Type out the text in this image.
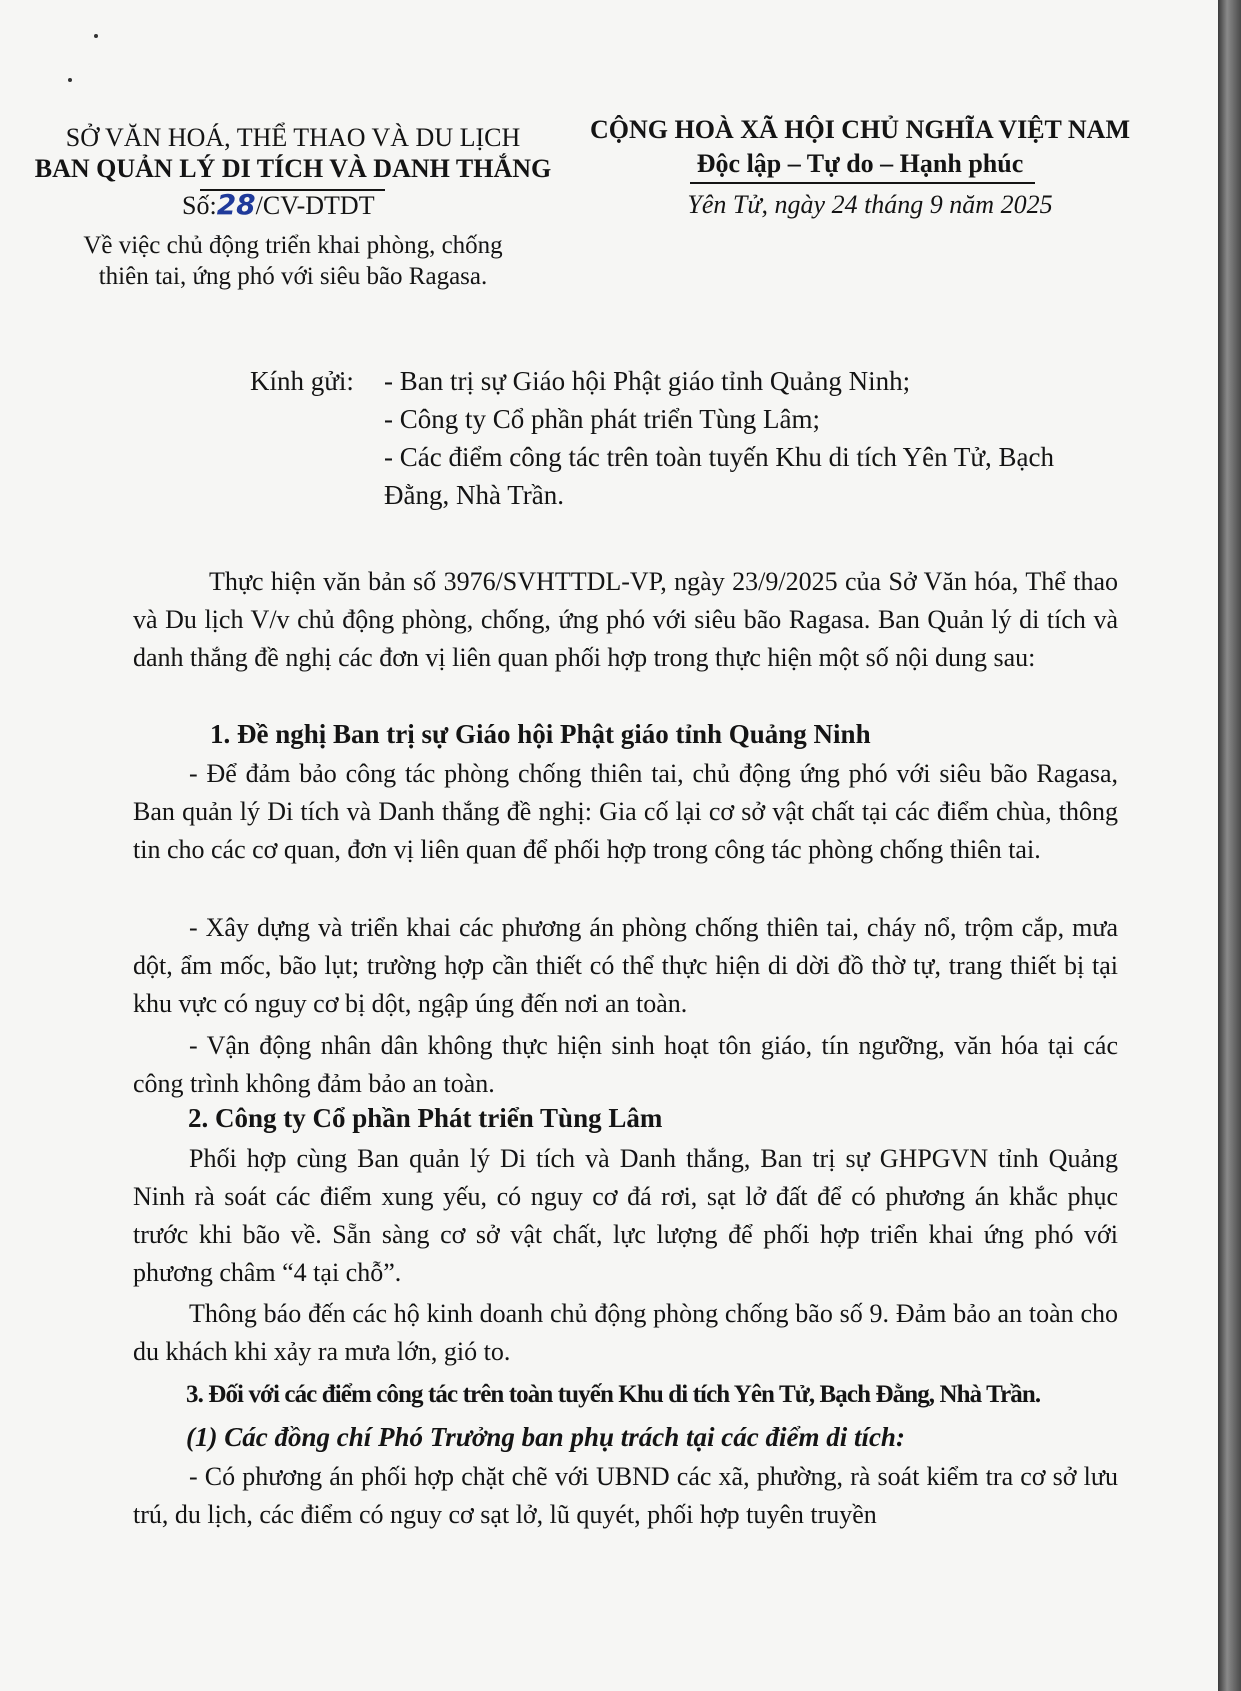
SỞ VĂN HOÁ, THỂ THAO VÀ DU LỊCH
BAN QUẢN LÝ DI TÍCH VÀ DANH THẮNG
Số:28/CV-DTDT
Về việc chủ động triển khai phòng, chống
thiên tai, ứng phó với siêu bão Ragasa.
CỘNG HOÀ XÃ HỘI CHỦ NGHĨA VIỆT NAM
Độc lập – Tự do – Hạnh phúc
Yên Tử, ngày 24 tháng 9 năm 2025
Kính gửi: - Ban trị sự Giáo hội Phật giáo tỉnh Quảng Ninh;
- Công ty Cổ phần phát triển Tùng Lâm;
- Các điểm công tác trên toàn tuyến Khu di tích Yên Tử, Bạch
Đằng, Nhà Trần.

Thực hiện văn bản số 3976/SVHTTDL-VP, ngày 23/9/2025 của Sở Văn hóa, Thể thao và Du lịch V/v chủ động phòng, chống, ứng phó với siêu bão Ragasa. Ban Quản lý di tích và danh thắng đề nghị các đơn vị liên quan phối hợp trong thực hiện một số nội dung sau:

1. Đề nghị Ban trị sự Giáo hội Phật giáo tỉnh Quảng Ninh

- Để đảm bảo công tác phòng chống thiên tai, chủ động ứng phó với siêu bão Ragasa, Ban quản lý Di tích và Danh thắng đề nghị: Gia cố lại cơ sở vật chất tại các điểm chùa, thông tin cho các cơ quan, đơn vị liên quan để phối hợp trong công tác phòng chống thiên tai.

- Xây dựng và triển khai các phương án phòng chống thiên tai, cháy nổ, trộm cắp, mưa dột, ẩm mốc, bão lụt; trường hợp cần thiết có thể thực hiện di dời đồ thờ tự, trang thiết bị tại khu vực có nguy cơ bị dột, ngập úng đến nơi an toàn.

- Vận động nhân dân không thực hiện sinh hoạt tôn giáo, tín ngưỡng, văn hóa tại các công trình không đảm bảo an toàn.

2. Công ty Cổ phần Phát triển Tùng Lâm

Phối hợp cùng Ban quản lý Di tích và Danh thắng, Ban trị sự GHPGVN tỉnh Quảng Ninh rà soát các điểm xung yếu, có nguy cơ đá rơi, sạt lở đất để có phương án khắc phục trước khi bão về. Sẵn sàng cơ sở vật chất, lực lượng để phối hợp triển khai ứng phó với phương châm “4 tại chỗ”.

Thông báo đến các hộ kinh doanh chủ động phòng chống bão số 9. Đảm bảo an toàn cho du khách khi xảy ra mưa lớn, gió to.

3. Đối với các điểm công tác trên toàn tuyến Khu di tích Yên Tử, Bạch Đằng, Nhà Trần.
(1) Các đồng chí Phó Trưởng ban phụ trách tại các điểm di tích:

- Có phương án phối hợp chặt chẽ với UBND các xã, phường, rà soát kiểm tra cơ sở lưu trú, du lịch, các điểm có nguy cơ sạt lở, lũ quyét, phối hợp tuyên truyền
